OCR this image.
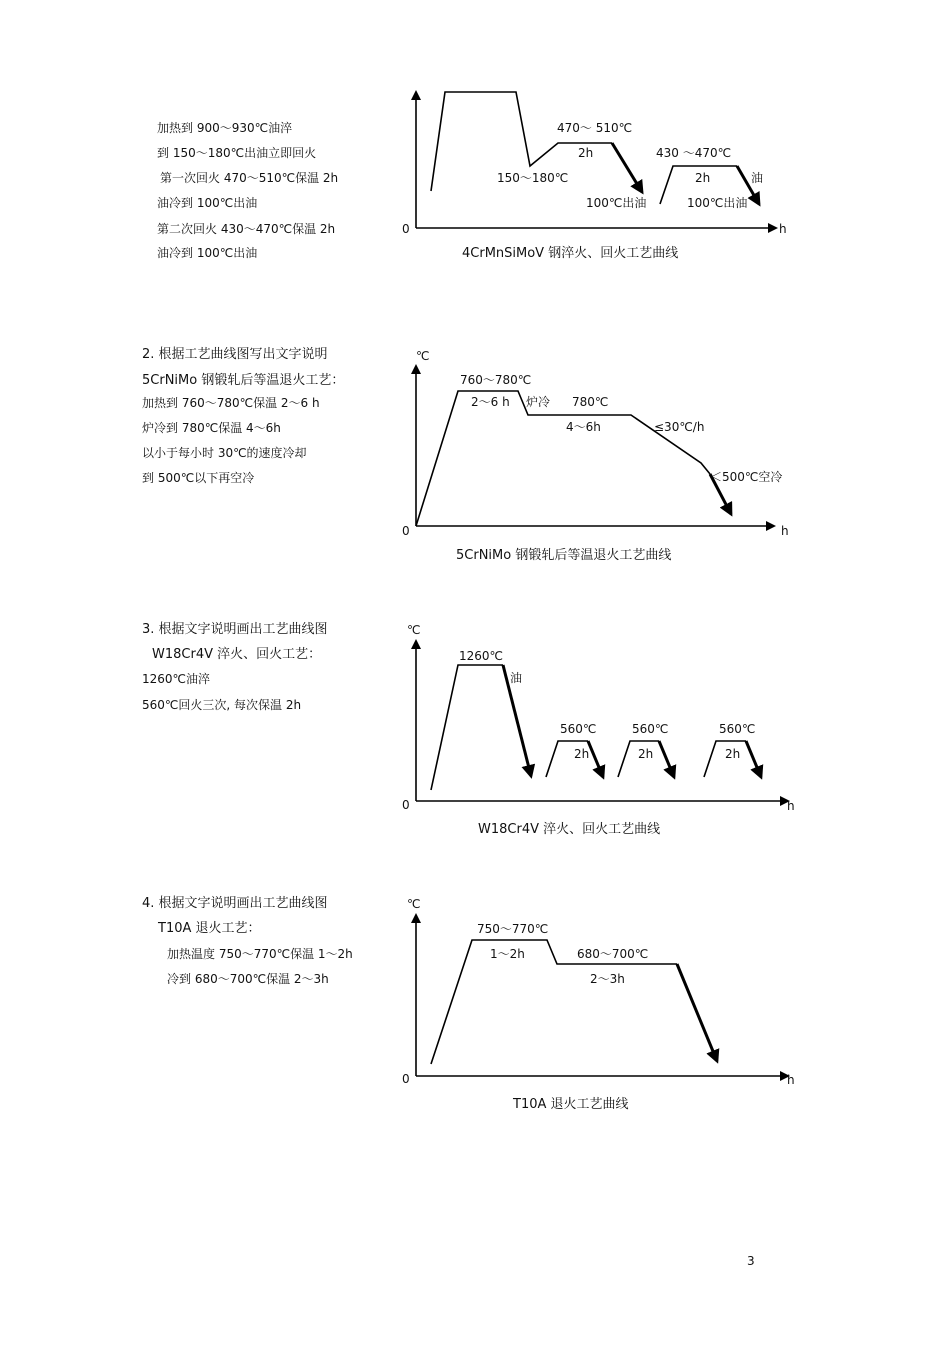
加热到 900～930℃油淬
到 150～180℃出油立即回火
第一次回火 470～510℃保温 2h
油冷到 100℃出油
第二次回火 430～470℃保温 2h
油冷到 100℃出油
2. 根据工艺曲线图写出文字说明
5CrNiMo 钢锻轧后等温退火工艺：
加热到 760～780℃保温 2～6 h
炉冷到 780℃保温 4～6h
以小于每小时 30℃的速度冷却
到 500℃以下再空冷
3. 根据文字说明画出工艺曲线图
W18Cr4V 淬火、回火工艺：
1260℃油淬
560℃回火三次, 每次保温 2h
4. 根据文字说明画出工艺曲线图
T10A 退火工艺：
加热温度 750～770℃保温 1～2h
冷到 680～700℃保温 2～3h
3
0	h
470～ 510℃
2h
150～180℃
430 ～470℃
2h	油
100℃出油	100℃出油
4CrMnSiMoV 钢淬火、回火工艺曲线
℃
0	h
760～780℃
2～6 h 炉冷 780℃
4～6h	≤30℃/h
＜500℃空冷
5CrNiMo 钢锻轧后等温退火工艺曲线
℃
0	h
1260℃
油
560℃
2h
560℃
2h
560℃
2h
W18Cr4V 淬火、回火工艺曲线
℃
0	h
750～770℃
1～2h	680～700℃
2～3h
T10A 退火工艺曲线
